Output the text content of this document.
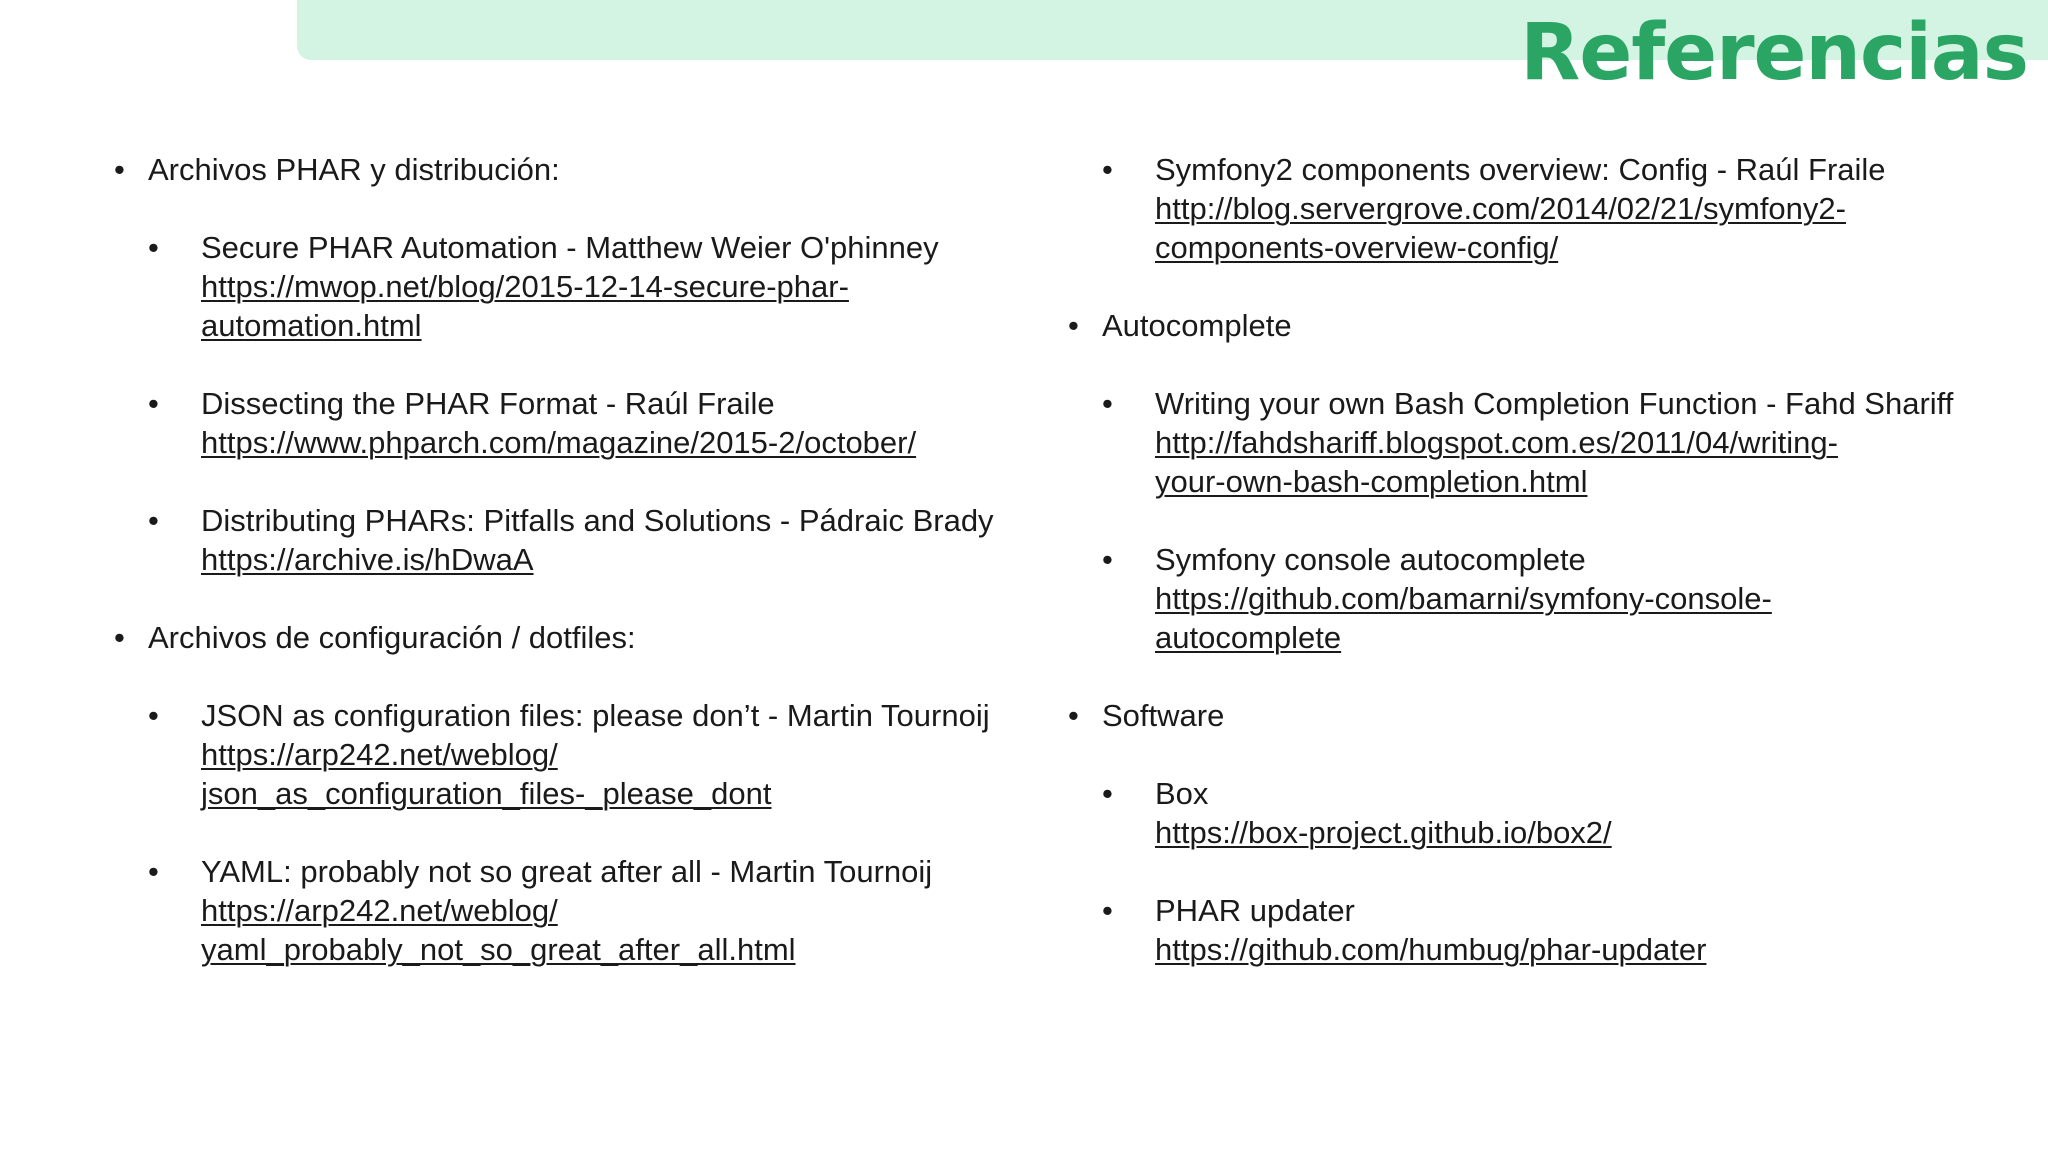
Referencias
• Archivos PHAR y distribución:
• Secure PHAR Automation - Matthew Weier O'phinney
https://mwop.net/blog/2015-12-14-secure-phar-
automation.html
• Dissecting the PHAR Format - Raúl Fraile
https://www.phparch.com/magazine/2015-2/october/
• Distributing PHARs: Pitfalls and Solutions - Pádraic Brady
https://archive.is/hDwaA
• Archivos de configuración / dotfiles:
• JSON as configuration files: please don’t - Martin Tournoij
https://arp242.net/weblog/
json_as_configuration_files-_please_dont
• YAML: probably not so great after all - Martin Tournoij
https://arp242.net/weblog/
yaml_probably_not_so_great_after_all.html
• Symfony2 components overview: Config - Raúl Fraile
http://blog.servergrove.com/2014/02/21/symfony2-
components-overview-config/
• Autocomplete
• Writing your own Bash Completion Function - Fahd Shariff
http://fahdshariff.blogspot.com.es/2011/04/writing-
your-own-bash-completion.html
• Symfony console autocomplete
https://github.com/bamarni/symfony-console-
autocomplete
• Software
• Box
https://box-project.github.io/box2/
• PHAR updater
https://github.com/humbug/phar-updater
